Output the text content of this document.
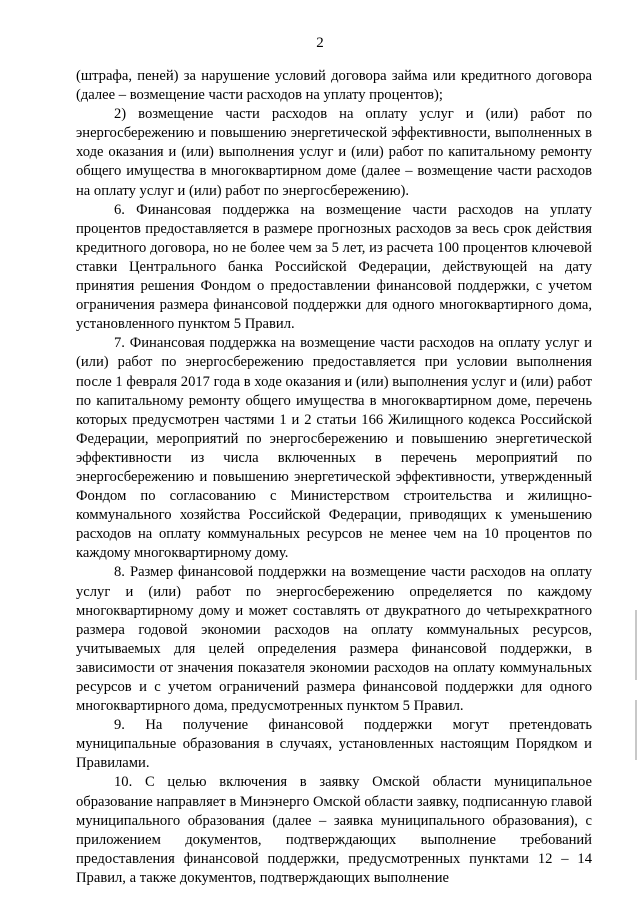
2

(штрафа, пеней) за нарушение условий договора займа или кредитного договора (далее – возмещение части расходов на уплату процентов);

2) возмещение части расходов на оплату услуг и (или) работ по энергосбережению и повышению энергетической эффективности, выполненных в ходе оказания и (или) выполнения услуг и (или) работ по капитальному ремонту общего имущества в многоквартирном доме (далее – возмещение части расходов на оплату услуг и (или) работ по энергосбережению).

6. Финансовая поддержка на возмещение части расходов на уплату процентов предоставляется в размере прогнозных расходов за весь срок действия кредитного договора, но не более чем за 5 лет, из расчета 100 процентов ключевой ставки Центрального банка Российской Федерации, действующей на дату принятия решения Фондом о предоставлении финансовой поддержки, с учетом ограничения размера финансовой поддержки для одного многоквартирного дома, установленного пунктом 5 Правил.

7. Финансовая поддержка на возмещение части расходов на оплату услуг и (или) работ по энергосбережению предоставляется при условии выполнения после 1 февраля 2017 года в ходе оказания и (или) выполнения услуг и (или) работ по капитальному ремонту общего имущества в многоквартирном доме, перечень которых предусмотрен частями 1 и 2 статьи 166 Жилищного кодекса Российской Федерации, мероприятий по энергосбережению и повышению энергетической эффективности из числа включенных в перечень мероприятий по энергосбережению и повышению энергетической эффективности, утвержденный Фондом по согласованию с Министерством строительства и жилищно-коммунального хозяйства Российской Федерации, приводящих к уменьшению расходов на оплату коммунальных ресурсов не менее чем на 10 процентов по каждому многоквартирному дому.

8. Размер финансовой поддержки на возмещение части расходов на оплату услуг и (или) работ по энергосбережению определяется по каждому многоквартирному дому и может составлять от двукратного до четырехкратного размера годовой экономии расходов на оплату коммунальных ресурсов, учитываемых для целей определения размера финансовой поддержки, в зависимости от значения показателя экономии расходов на оплату коммунальных ресурсов и с учетом ограничений размера финансовой поддержки для одного многоквартирного дома, предусмотренных пунктом 5 Правил.

9. На получение финансовой поддержки могут претендовать муниципальные образования в случаях, установленных настоящим Порядком и Правилами.

10. С целью включения в заявку Омской области муниципальное образование направляет в Минэнерго Омской области заявку, подписанную главой муниципального образования (далее – заявка муниципального образования), с приложением документов, подтверждающих выполнение требований предоставления финансовой поддержки, предусмотренных пунктами 12 – 14 Правил, а также документов, подтверждающих выполнение
